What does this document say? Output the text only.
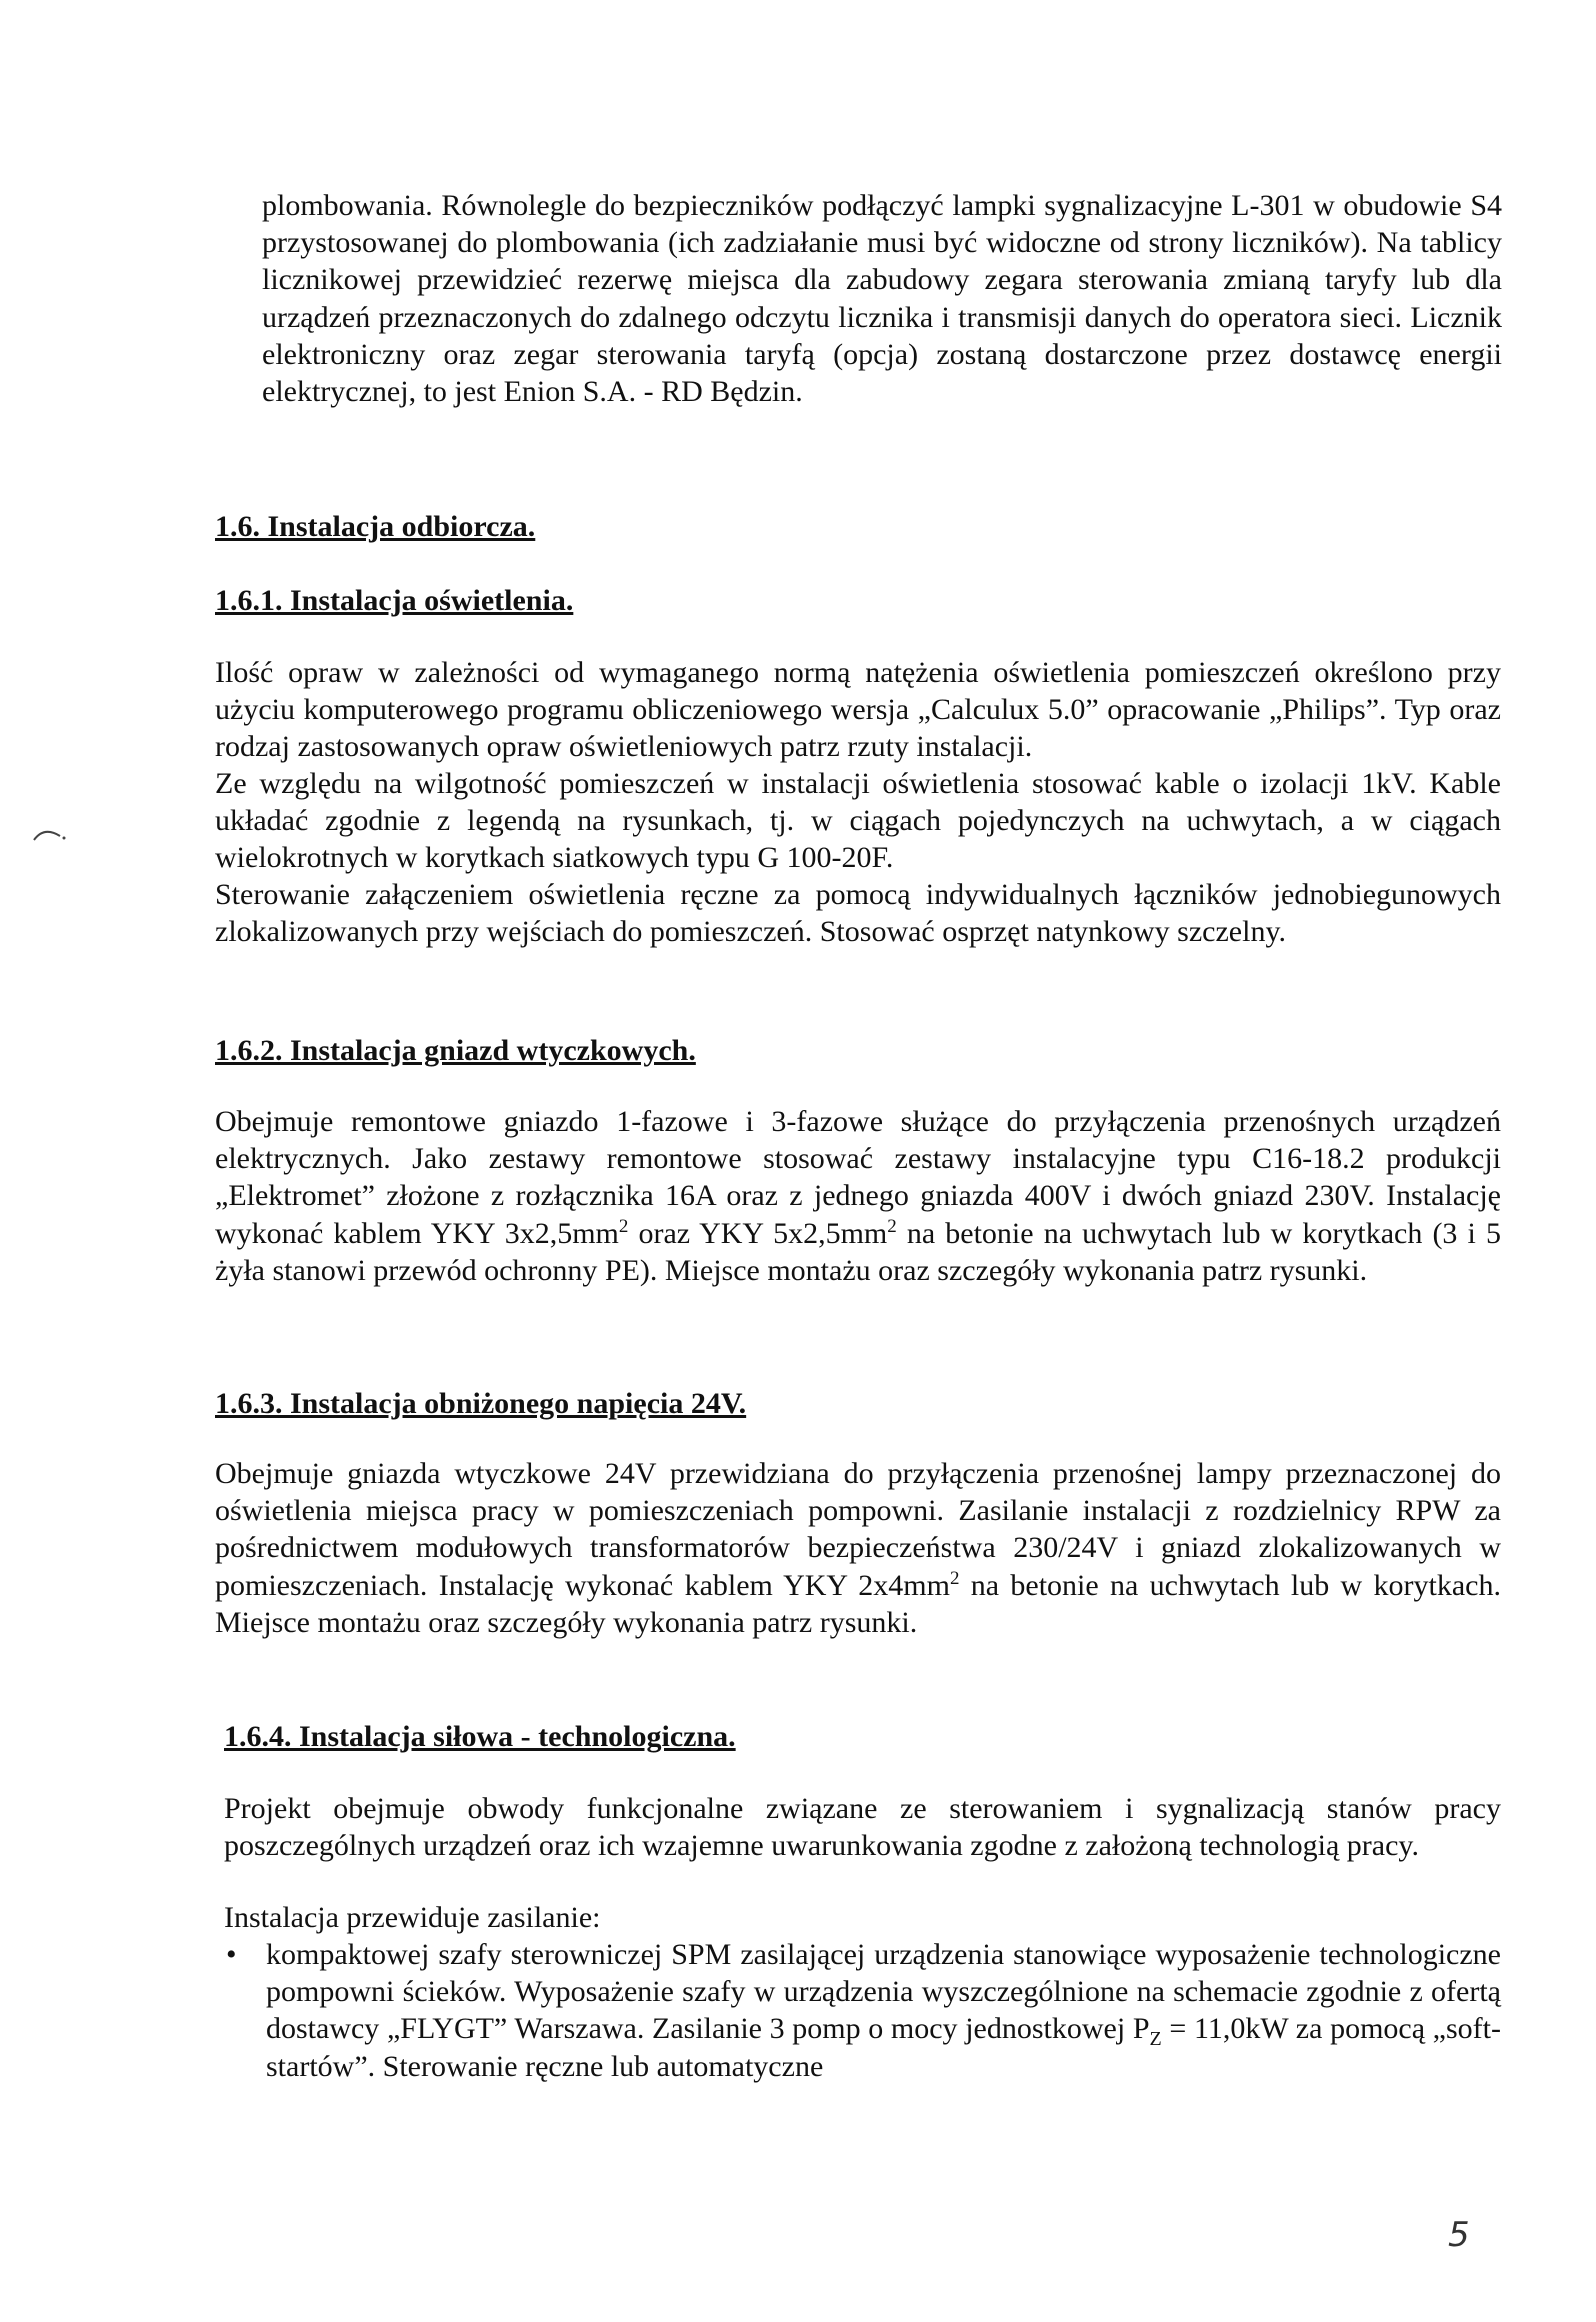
plombowania. Równolegle do bezpieczników podłączyć lampki sygnalizacyjne L-301 w obudowie S4 przystosowanej do plombowania (ich zadziałanie musi być widoczne od strony liczników). Na tablicy licznikowej przewidzieć rezerwę miejsca dla zabudowy zegara sterowania zmianą taryfy lub dla urządzeń przeznaczonych do zdalnego odczytu licznika i transmisji danych do operatora sieci. Licznik elektroniczny oraz zegar sterowania taryfą (opcja) zostaną dostarczone przez dostawcę energii elektrycznej, to jest Enion S.A. - RD Będzin.

1.6. Instalacja odbiorcza.

1.6.1. Instalacja oświetlenia.

Ilość opraw w zależności od wymaganego normą natężenia oświetlenia pomieszczeń określono przy użyciu komputerowego programu obliczeniowego wersja „Calculux 5.0” opracowanie „Philips”. Typ oraz rodzaj zastosowanych opraw oświetleniowych patrz rzuty instalacji.

Ze względu na wilgotność pomieszczeń w instalacji oświetlenia stosować kable o izolacji 1kV. Kable układać zgodnie z legendą na rysunkach, tj. w ciągach pojedynczych na uchwytach, a w ciągach wielokrotnych w korytkach siatkowych typu G 100-20F.

Sterowanie załączeniem oświetlenia ręczne za pomocą indywidualnych łączników jednobiegunowych zlokalizowanych przy wejściach do pomieszczeń. Stosować osprzęt natynkowy szczelny.

1.6.2. Instalacja gniazd wtyczkowych.

Obejmuje remontowe gniazdo 1-fazowe i 3-fazowe służące do przyłączenia przenośnych urządzeń elektrycznych. Jako zestawy remontowe stosować zestawy instalacyjne typu C16-18.2 produkcji „Elektromet” złożone z rozłącznika 16A oraz z jednego gniazda 400V i dwóch gniazd 230V. Instalację wykonać kablem YKY $3x2,5mm^2$ oraz YKY $5x2,5mm^2$ na betonie na uchwytach lub w korytkach (3 i 5 żyła stanowi przewód ochronny PE). Miejsce montażu oraz szczegóły wykonania patrz rysunki.

1.6.3. Instalacja obniżonego napięcia 24V.

Obejmuje gniazda wtyczkowe 24V przewidziana do przyłączenia przenośnej lampy przeznaczonej do oświetlenia miejsca pracy w pomieszczeniach pompowni. Zasilanie instalacji z rozdzielnicy RPW za pośrednictwem modułowych transformatorów bezpieczeństwa 230/24V i gniazd zlokalizowanych w pomieszczeniach. Instalację wykonać kablem YKY $2x4mm^2$ na betonie na uchwytach lub w korytkach. Miejsce montażu oraz szczegóły wykonania patrz rysunki.

1.6.4. Instalacja siłowa - technologiczna.

Projekt obejmuje obwody funkcjonalne związane ze sterowaniem i sygnalizacją stanów pracy poszczególnych urządzeń oraz ich wzajemne uwarunkowania zgodne z założoną technologią pracy.

Instalacja przewiduje zasilanie:

• kompaktowej szafy sterowniczej SPM zasilającej urządzenia stanowiące wyposażenie technologiczne pompowni ścieków. Wyposażenie szafy w urządzenia wyszczególnione na schemacie zgodnie z ofertą dostawcy „FLYGT” Warszawa. Zasilanie 3 pomp o mocy jednostkowej $P_Z = 11,0kW$ za pomocą „soft-startów”. Sterowanie ręczne lub automatyczne

5
